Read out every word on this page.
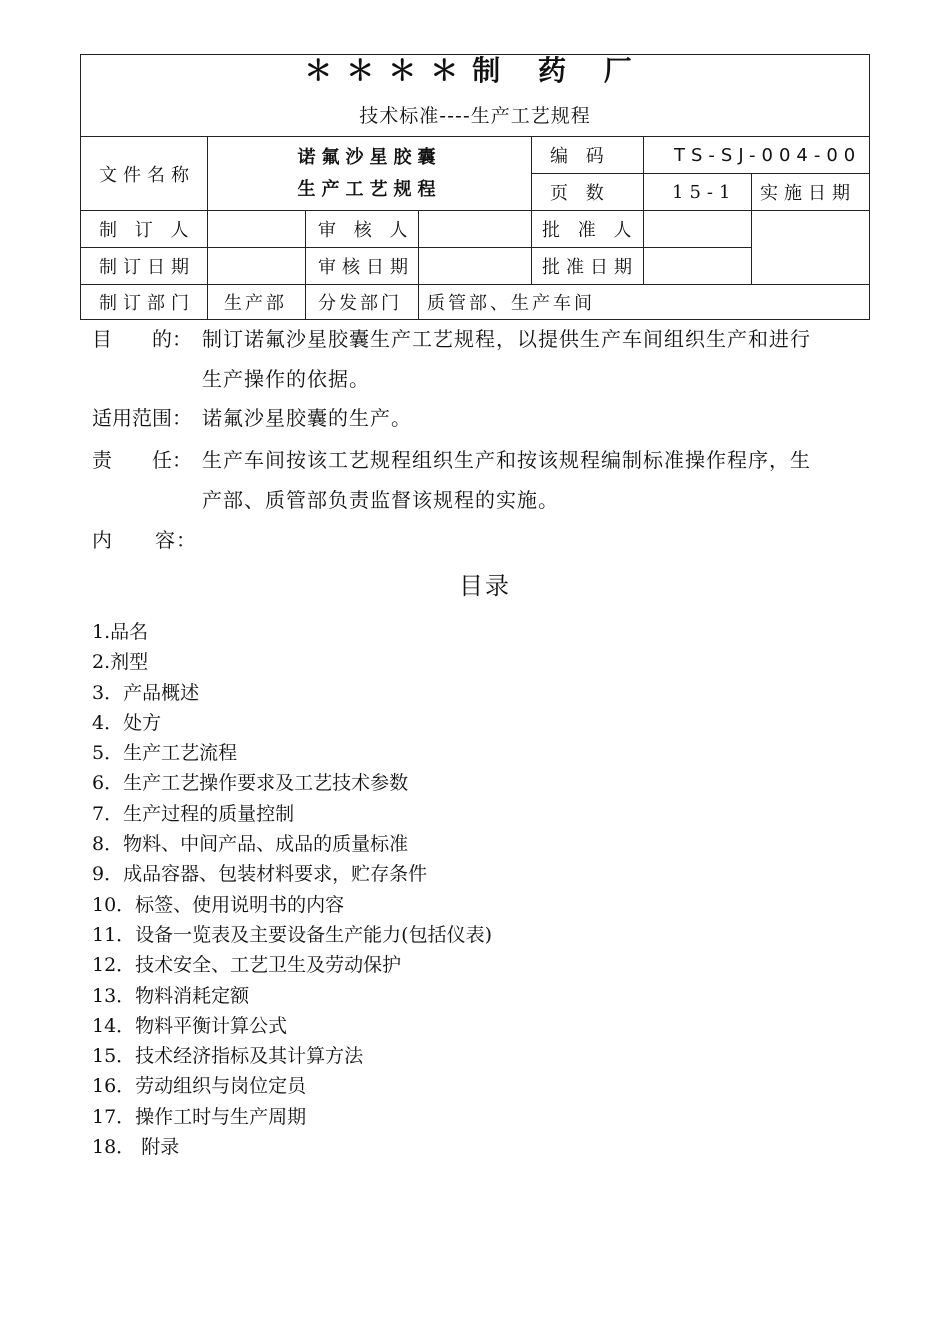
＊＊＊＊制 药 厂
技术标准----生产工艺规程						

文件名称	诺氟沙星胶囊
生产工艺规程			编 码	TS-SJ-004-00	
				页 数	15-1	实施日期
制 订 人		审 核 人		批 准 人		
制订日期		审核日期		批准日期		
制订部门	生产部	分发部门	质管部、生产车间			
目　　的： 制订诺氟沙星胶囊生产工艺规程，以提供生产车间组织生产和进行
生产操作的依据。
适用范围： 诺氟沙星胶囊的生产。
责　　任： 生产车间按该工艺规程组织生产和按该规程编制标准操作程序，生
产部、质管部负责监督该规程的实施。
内　　容：
目录
1.品名
2.剂型
3．产品概述
4．处方
5．生产工艺流程
6．生产工艺操作要求及工艺技术参数
7．生产过程的质量控制
8．物料、中间产品、成品的质量标准
9．成品容器、包装材料要求，贮存条件
10．标签、使用说明书的内容
11．设备一览表及主要设备生产能力(包括仪表)
12．技术安全、工艺卫生及劳动保护
13．物料消耗定额
14．物料平衡计算公式
15．技术经济指标及其计算方法
16．劳动组织与岗位定员
17．操作工时与生产周期
18． 附录
